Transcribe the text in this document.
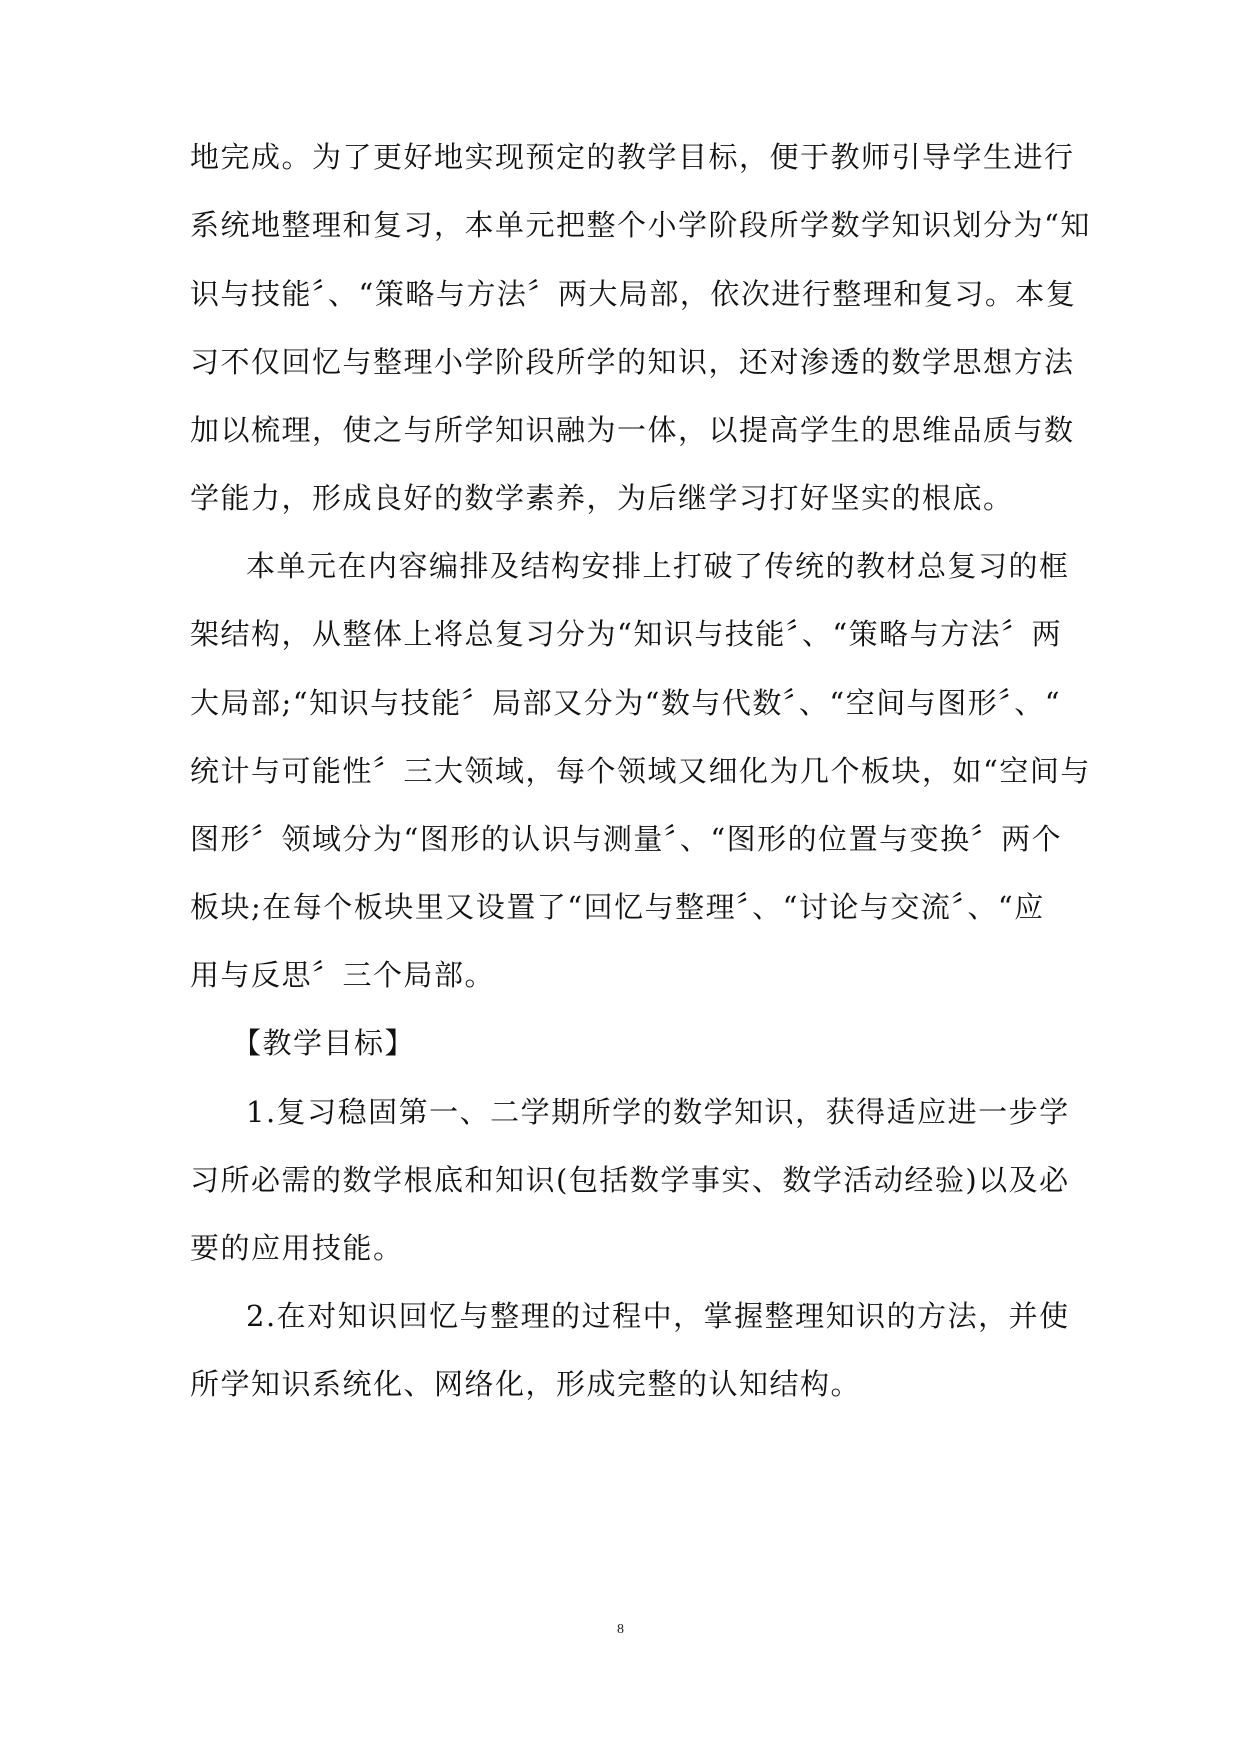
地完成。为了更好地实现预定的教学目标，便于教师引导学生进行
系统地整理和复习，本单元把整个小学阶段所学数学知识划分为“知
识与技能〞、“策略与方法〞两大局部，依次进行整理和复习。本复
习不仅回忆与整理小学阶段所学的知识，还对渗透的数学思想方法
加以梳理，使之与所学知识融为一体，以提高学生的思维品质与数
学能力，形成良好的数学素养，为后继学习打好坚实的根底。
本单元在内容编排及结构安排上打破了传统的教材总复习的框
架结构，从整体上将总复习分为“知识与技能〞、“策略与方法〞两
大局部;“知识与技能〞局部又分为“数与代数〞、“空间与图形〞、“
统计与可能性〞三大领域，每个领域又细化为几个板块，如“空间与
图形〞领域分为“图形的认识与测量〞、“图形的位置与变换〞两个
板块;在每个板块里又设置了“回忆与整理〞、“讨论与交流〞、“应
用与反思〞三个局部。
【教学目标】
1.复习稳固第一、二学期所学的数学知识，获得适应进一步学
习所必需的数学根底和知识(包括数学事实、数学活动经验)以及必
要的应用技能。
2.在对知识回忆与整理的过程中，掌握整理知识的方法，并使
所学知识系统化、网络化，形成完整的认知结构。
8
